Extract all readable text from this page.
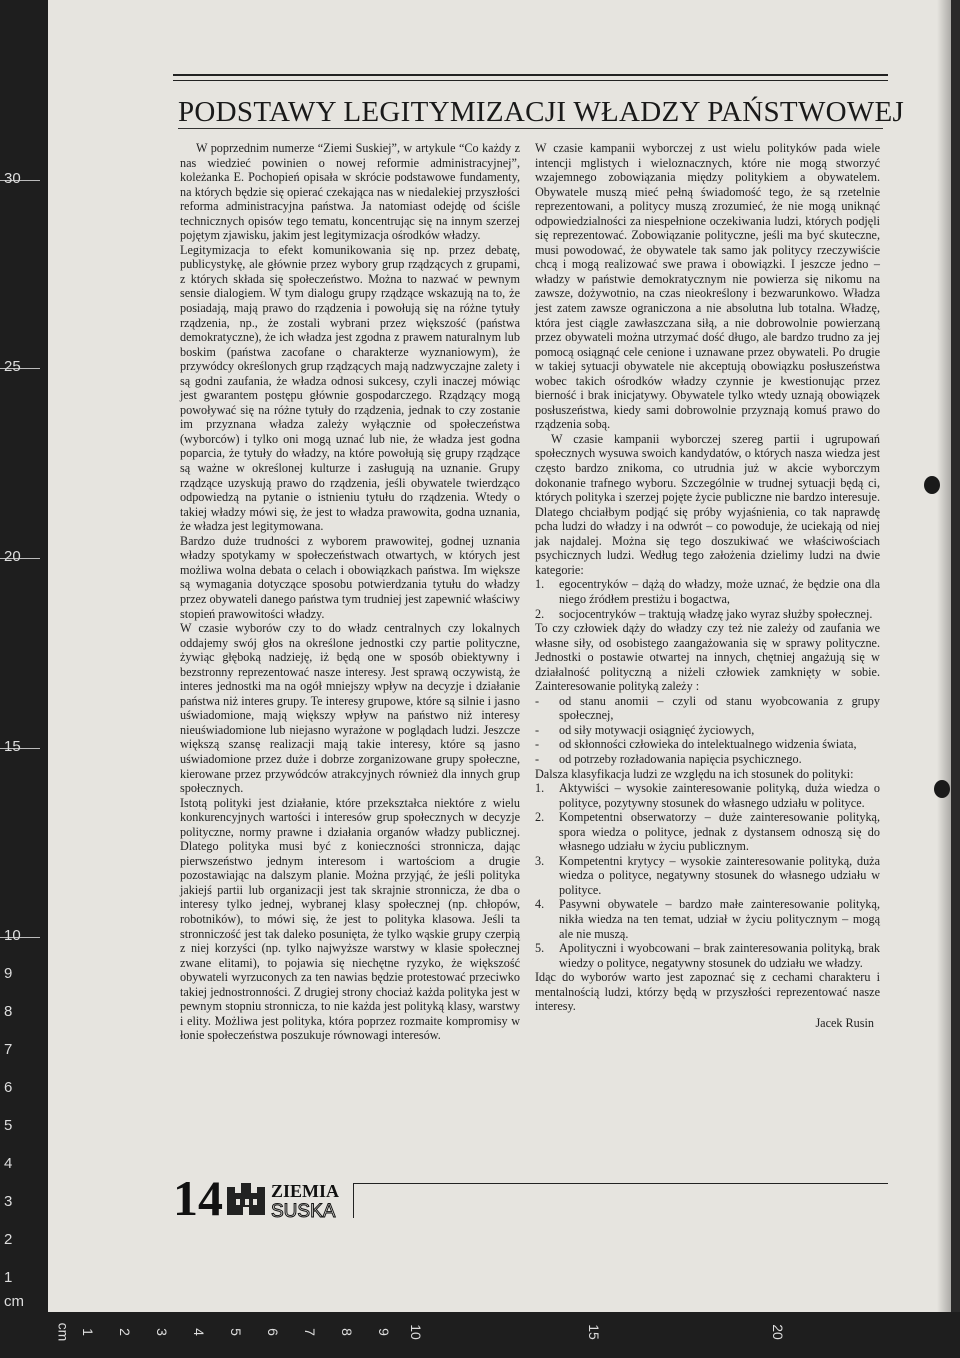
30
25
20
15
10
9
8
7
6
5
4
3
2
1
cm
cm 1 2 3 4 5 6 7 8 9 10	15	20
PODSTAWY LEGITYMIZACJI WŁADZY PAŃSTWOWEJ

W poprzednim numerze “Ziemi Suskiej”, w artykule “Co każdy z nas wiedzieć powinien o nowej reformie administracyjnej”, koleżanka E. Pochopień opisała w skrócie podstawowe fundamenty, na których będzie się opierać czekająca nas w niedalekiej przyszłości reforma administracyjna państwa. Ja natomiast odejdę od ściśle technicznych opisów tego tematu, koncentrując się na innym szerzej pojętym zjawisku, jakim jest legitymizacja ośrodków władzy.

Legitymizacja to efekt komunikowania się np. przez debatę, publicystykę, ale głównie przez wybory grup rządzących z grupami, z których składa się społeczeństwo. Można to nazwać w pewnym sensie dialogiem. W tym dialogu grupy rządzące wskazują na to, że posiadają, mają prawo do rządzenia i powołują się na różne tytuły rządzenia, np., że zostali wybrani przez większość (państwa demokratyczne), że ich władza jest zgodna z prawem naturalnym lub boskim (państwa zacofane o charakterze wyznaniowym), że przywódcy określonych grup rządzących mają nadzwyczajne zalety i są godni zaufania, że władza odnosi sukcesy, czyli inaczej mówiąc jest gwarantem postępu głównie gospodarczego. Rządzący mogą powoływać się na różne tytuły do rządzenia, jednak to czy zostanie im przyznana władza zależy wyłącznie od społeczeństwa (wyborców) i tylko oni mogą uznać lub nie, że władza jest godna poparcia, że tytuły do władzy, na które powołują się grupy rządzące są ważne w określonej kulturze i zasługują na uznanie. Grupy rządzące uzyskują prawo do rządzenia, jeśli obywatele twierdząco odpowiedzą na pytanie o istnieniu tytułu do rządzenia. Wtedy o takiej władzy mówi się, że jest to władza prawowita, godna uznania, że władza jest legitymowana.

Bardzo duże trudności z wyborem prawowitej, godnej uznania władzy spotykamy w społeczeństwach otwartych, w których jest możliwa wolna debata o celach i obowiązkach państwa. Im większe są wymagania dotyczące sposobu potwierdzania tytułu do władzy przez obywateli danego państwa tym trudniej jest zapewnić właściwy stopień prawowitości władzy.

W czasie wyborów czy to do władz centralnych czy lokalnych oddajemy swój głos na określone jednostki czy partie polityczne, żywiąc głęboką nadzieję, iż będą one w sposób obiektywny i bezstronny reprezentować nasze interesy. Jest sprawą oczywistą, że interes jednostki ma na ogół mniejszy wpływ na decyzje i działanie państwa niż interes grupy. Te interesy grupowe, które są silnie i jasno uświadomione, mają większy wpływ na państwo niż interesy nieuświadomione lub niejasno wyrażone w poglądach ludzi. Jeszcze większą szansę realizacji mają takie interesy, które są jasno uświadomione przez duże i dobrze zorganizowane grupy społeczne, kierowane przez przywódców atrakcyjnych również dla innych grup społecznych.

Istotą polityki jest działanie, które przekształca niektóre z wielu konkurencyjnych wartości i interesów grup społecznych w decyzje polityczne, normy prawne i działania organów władzy publicznej. Dlatego polityka musi być z konieczności stronnicza, dając pierwszeństwo jednym interesom i wartościom a drugie pozostawiając na dalszym planie. Można przyjąć, że jeśli polityka jakiejś partii lub organizacji jest tak skrajnie stronnicza, że dba o interesy tylko jednej, wybranej klasy społecznej (np. chłopów, robotników), to mówi się, że jest to polityka klasowa. Jeśli ta stronniczość jest tak daleko posunięta, że tylko wąskie grupy czerpią z niej korzyści (np. tylko najwyższe warstwy w klasie społecznej zwane elitami), to pojawia się niechętne ryzyko, że większość obywateli wyrzuconych za ten nawias będzie protestować przeciwko takiej jednostronności. Z drugiej strony chociaż każda polityka jest w pewnym stopniu stronnicza, to nie każda jest polityką klasy, warstwy i elity. Możliwa jest polityka, która poprzez rozmaite kompromisy w łonie społeczeństwa poszukuje równowagi interesów.

W czasie kampanii wyborczej z ust wielu polityków pada wiele intencji mglistych i wieloznacznych, które nie mogą stworzyć wzajemnego zobowiązania między politykiem a obywatelem. Obywatele muszą mieć pełną świadomość tego, że są rzetelnie reprezentowani, a politycy muszą zrozumieć, że nie mogą uniknąć odpowiedzialności za niespełnione oczekiwania ludzi, których podjęli się reprezentować. Zobowiązanie polityczne, jeśli ma być skuteczne, musi powodować, że obywatele tak samo jak politycy rzeczywiście chcą i mogą realizować swe prawa i obowiązki. I jeszcze jedno – władzy w państwie demokratycznym nie powierza się nikomu na zawsze, dożywotnio, na czas nieokreślony i bezwarunkowo. Władza jest zatem zawsze ograniczona a nie absolutna lub totalna. Władzę, która jest ciągle zawłaszczana siłą, a nie dobrowolnie powierzaną przez obywateli można utrzymać dość długo, ale bardzo trudno za jej pomocą osiągnąć cele cenione i uznawane przez obywateli. Po drugie w takiej sytuacji obywatele nie akceptują obowiązku posłuszeństwa wobec takich ośrodków władzy czynnie je kwestionując przez bierność i brak inicjatywy. Obywatele tylko wtedy uznają obowiązek posłuszeństwa, kiedy sami dobrowolnie przyznają komuś prawo do rządzenia sobą.

W czasie kampanii wyborczej szereg partii i ugrupowań społecznych wysuwa swoich kandydatów, o których nasza wiedza jest często bardzo znikoma, co utrudnia już w akcie wyborczym dokonanie trafnego wyboru. Szczególnie w trudnej sytuacji będą ci, których polityka i szerzej pojęte życie publiczne nie bardzo interesuje. Dlatego chciałbym podjąć się próby wyjaśnienia, co tak naprawdę pcha ludzi do władzy i na odwrót – co powoduje, że uciekają od niej jak najdalej. Można się tego doszukiwać we właściwościach psychicznych ludzi. Według tego założenia dzielimy ludzi na dwie kategorie:

1.	egocentryków – dążą do władzy, może uznać, że będzie ona dla niego źródłem prestiżu i bogactwa,
2.	socjocentryków – traktują władzę jako wyraz służby społecznej.

To czy człowiek dąży do władzy czy też nie zależy od zaufania we własne siły, od osobistego zaangażowania się w sprawy polityczne. Jednostki o postawie otwartej na innych, chętniej angażują się w działalność polityczną a niżeli człowiek zamknięty w sobie. Zainteresowanie polityką zależy :

-	od stanu anomii – czyli od stanu wyobcowania z grupy społecznej,
-	od siły motywacji osiągnięć życiowych,
-	od skłonności człowieka do intelektualnego widzenia świata,
-	od potrzeby rozładowania napięcia psychicznego.

Dalsza klasyfikacja ludzi ze względu na ich stosunek do polityki:

1.	Aktywiści – wysokie zainteresowanie polityką, duża wiedza o polityce, pozytywny stosunek do własnego udziału w polityce.
2.	Kompetentni obserwatorzy – duże zainteresowanie polityką, spora wiedza o polityce, jednak z dystansem odnoszą się do własnego udziału w życiu publicznym.
3.	Kompetentni krytycy – wysokie zainteresowanie polityką, duża wiedza o polityce, negatywny stosunek do własnego udziału w polityce.
4.	Pasywni obywatele – bardzo małe zainteresowanie polityką, nikła wiedza na ten temat, udział w życiu politycznym – mogą ale nie muszą.
5.	Apolityczni i wyobcowani – brak zainteresowania polityką, brak wiedzy o polityce, negatywny stosunek do udziału we władzy.

Idąc do wyborów warto jest zapoznać się z cechami charakteru i mentalnością ludzi, którzy będą w przyszłości reprezentować nasze interesy.

Jacek Rusin
14	ZIEMIA
SUSKA
